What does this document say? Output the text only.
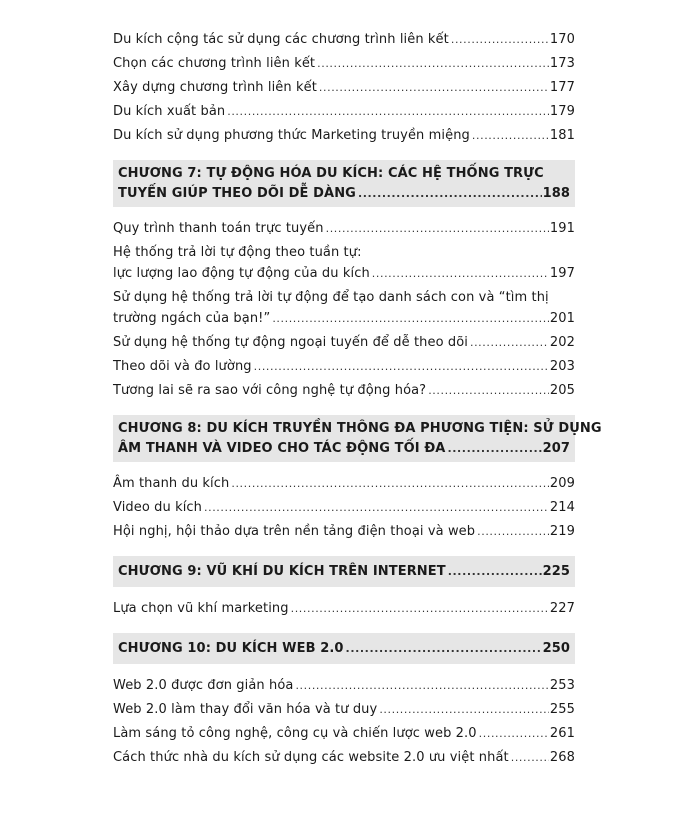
Du kích cộng tác sử dụng các chương trình liên kết .....	170
Chọn các chương trình liên kết .....	173
Xây dựng chương trình liên kết .....	177
Du kích xuất bản .....	179
Du kích sử dụng phương thức Marketing truyền miệng .....	181
CHƯƠNG 7: TỰ ĐỘNG HÓA DU KÍCH: CÁC HỆ THỐNG TRỰC
TUYẾN GIÚP THEO DÕI DỄ DÀNG .....	188
Quy trình thanh toán trực tuyến .....	191
Hệ thống trả lời tự động theo tuần tự:
lực lượng lao động tự động của du kích .....	197
Sử dụng hệ thống trả lời tự động để tạo danh sách con và “tìm thị
trường ngách của bạn!” .....	201
Sử dụng hệ thống tự động ngoại tuyến để dễ theo dõi .....	202
Theo dõi và đo lường .....	203
Tương lai sẽ ra sao với công nghệ tự động hóa? .....	205
CHƯƠNG 8: DU KÍCH TRUYỀN THÔNG ĐA PHƯƠNG TIỆN: SỬ DỤNG
ÂM THANH VÀ VIDEO CHO TÁC ĐỘNG TỐI ĐA .....	207
Âm thanh du kích .....	209
Video du kích .....	214
Hội nghị, hội thảo dựa trên nền tảng điện thoại và web .....	219
CHƯƠNG 9: VŨ KHÍ DU KÍCH TRÊN INTERNET .....	225
Lựa chọn vũ khí marketing .....	227
CHƯƠNG 10: DU KÍCH WEB 2.0 .....	250
Web 2.0 được đơn giản hóa .....	253
Web 2.0 làm thay đổi văn hóa và tư duy .....	255
Làm sáng tỏ công nghệ, công cụ và chiến lược web 2.0 .....	261
Cách thức nhà du kích sử dụng các website 2.0 ưu việt nhất .....	268
